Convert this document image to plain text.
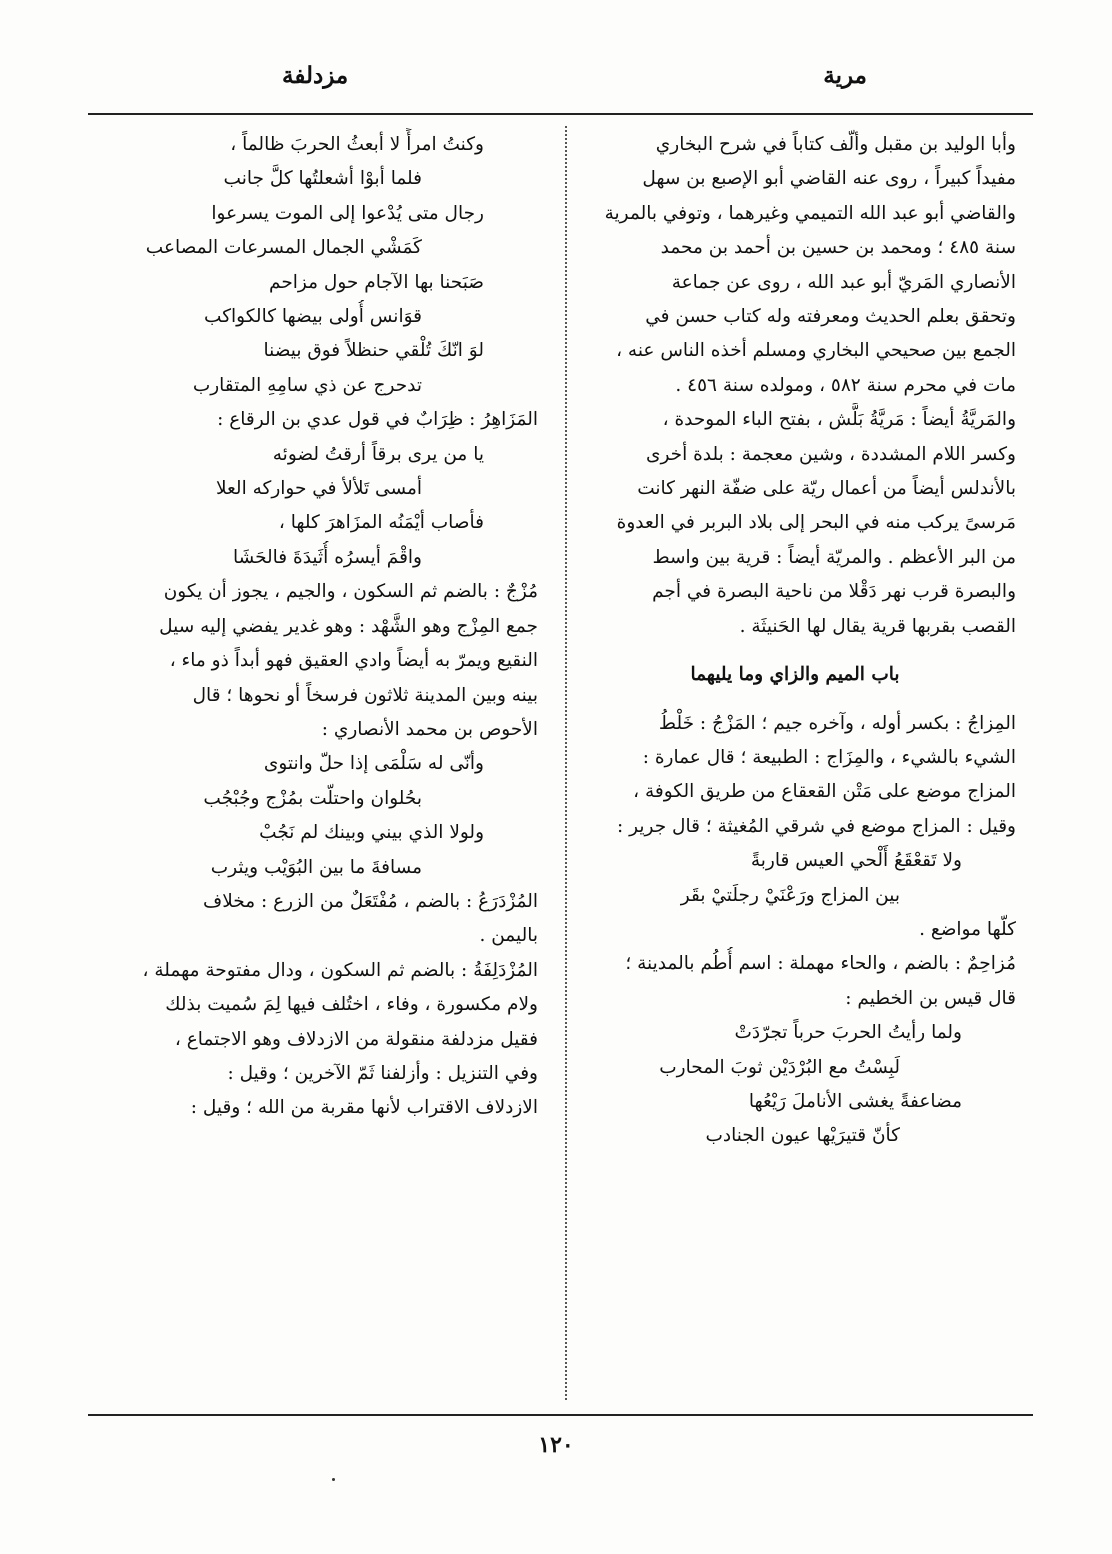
مرية
مزدلفة
وأبا الوليد بن مقبل وألّف كتاباً في شرح البخاري
مفيداً كبيراً ، روى عنه القاضي أبو الإصبع بن سهل
والقاضي أبو عبد الله التميمي وغيرهما ، وتوفي بالمرية
سنة ٤٨٥ ؛ ومحمد بن حسين بن أحمد بن محمد
الأنصاري المَريّ أبو عبد الله ، روى عن جماعة
وتحقق بعلم الحديث ومعرفته وله كتاب حسن في
الجمع بين صحيحي البخاري ومسلم أخذه الناس عنه ،
مات في محرم سنة ٥٨٢ ، ومولده سنة ٤٥٦ .
والمَريَّةُ أيضاً : مَريَّةُ بَلَّش ، بفتح الباء الموحدة ،
وكسر اللام المشددة ، وشين معجمة : بلدة أخرى
بالأندلس أيضاً من أعمال ريّة على ضفّة النهر كانت
مَرسىً يركب منه في البحر إلى بلاد البربر في العدوة
من البر الأعظم . والمريّة أيضاً : قرية بين واسط
والبصرة قرب نهر دَقْلا من ناحية البصرة في أجم
القصب بقربها قرية يقال لها الحَنيثَة .
باب الميم والزاي وما يليهما
المِزاجُ : بكسر أوله ، وآخره جيم ؛ المَزْجُ : خَلْطُ
الشيء بالشيء ، والمِزَاج : الطبيعة ؛ قال عمارة :
المزاج موضع على مَتْن القعقاع من طريق الكوفة ،
وقيل : المزاج موضع في شرقي المُغيثة ؛ قال جرير :
ولا تَقعْقَعُ أَلْحي العيس قاربةً
بين المزاج ورَعْنَيْ رجلَتيْ بقَر
كلّها مواضع .
مُزاحِمٌ : بالضم ، والحاء مهملة : اسم أُطُم بالمدينة ؛
قال قيس بن الخطيم :
ولما رأيتُ الحربَ حرباً تجرّدَتْ
لَبِسْتُ مع البُرْدَيْن ثوبَ المحارب
مضاعفةً يغشى الأناملَ رَيْعُها
كأنّ قتيرَيْها عيون الجنادب
وكنتُ امرأً لا أبعثُ الحربَ ظالماً ،
فلما أبوْا أشعلتُها كلَّ جانب
رجال متى يُدْعوا إلى الموت يسرعوا
كَمَشْي الجمال المسرعات المصاعب
صَبَحنا بها الآجام حول مزاحم
قوَانس أُولى بيضها كالكواكب
لوَ انّكَ تُلْقي حنظلاً فوق بيضنا
تدحرج عن ذي سامِهِ المتقارب
المَزَاهِرُ : ظِرَابٌ في قول عدي بن الرقاع :
يا من يرى برقاً أرقتُ لضوئه
أمسى تَلألأ في حواركه العلا
فأصاب أيْمَنُه المزَاهرَ كلها ،
واقْمَ أيسرُه أُثَيدَةَ فالحَشَا
مُزْجٌ : بالضم ثم السكون ، والجيم ، يجوز أن يكون
جمع المِزْج وهو الشَّهْد : وهو غدير يفضي إليه سيل
النقيع ويمرّ به أيضاً وادي العقيق فهو أبداً ذو ماء ،
بينه وبين المدينة ثلاثون فرسخاً أو نحوها ؛ قال
الأحوص بن محمد الأنصاري :
وأنّى له سَلْمَى إذا حلّ وانتوى
بحُلوان واحتلّت بمُزْج وجُبْجُب
ولولا الذي بيني وبينك لم نَجُبْ
مسافةَ ما بين البُوَيْب ويثرب
المُزْدَرَعُ : بالضم ، مُفْتَعَلٌ من الزرع : مخلاف
باليمن .
المُزْدَلِفَةُ : بالضم ثم السكون ، ودال مفتوحة مهملة ،
ولام مكسورة ، وفاء ، اختُلف فيها لِمَ سُميت بذلك
فقيل مزدلفة منقولة من الازدلاف وهو الاجتماع ،
وفي التنزيل : وأزلفنا ثَمّ الآخرين ؛ وقيل :
الازدلاف الاقتراب لأنها مقربة من الله ؛ وقيل :
١٢٠
